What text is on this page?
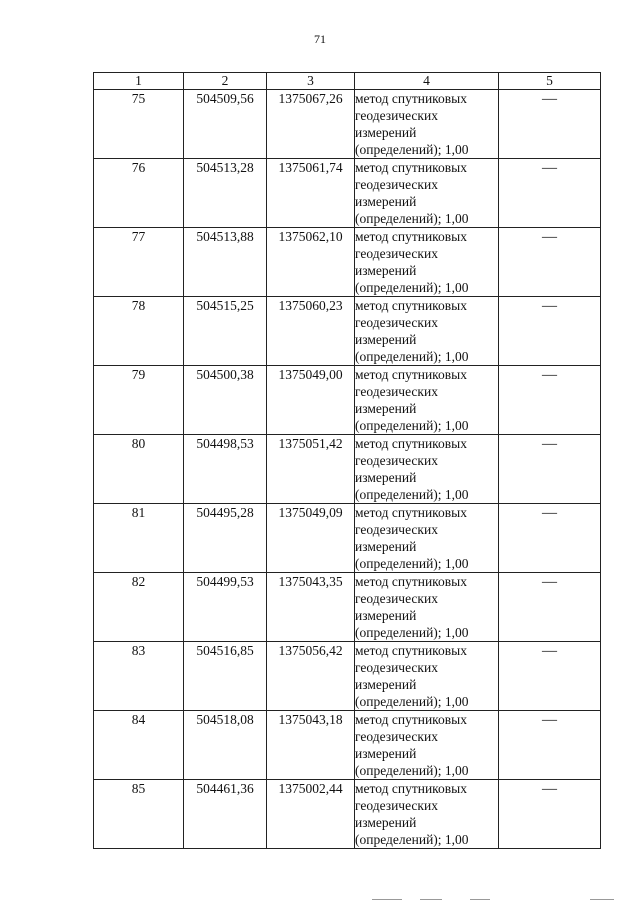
71
1	2	3	4	5
75	504509,56	1375067,26	метод спутниковых геодезических измерений (определений); 1,00	—
76	504513,28	1375061,74	метод спутниковых геодезических измерений (определений); 1,00	—
77	504513,88	1375062,10	метод спутниковых геодезических измерений (определений); 1,00	—
78	504515,25	1375060,23	метод спутниковых геодезических измерений (определений); 1,00	—
79	504500,38	1375049,00	метод спутниковых геодезических измерений (определений); 1,00	—
80	504498,53	1375051,42	метод спутниковых геодезических измерений (определений); 1,00	—
81	504495,28	1375049,09	метод спутниковых геодезических измерений (определений); 1,00	—
82	504499,53	1375043,35	метод спутниковых геодезических измерений (определений); 1,00	—
83	504516,85	1375056,42	метод спутниковых геодезических измерений (определений); 1,00	—
84	504518,08	1375043,18	метод спутниковых геодезических измерений (определений); 1,00	—
85	504461,36	1375002,44	метод спутниковых геодезических измерений (определений); 1,00	—
